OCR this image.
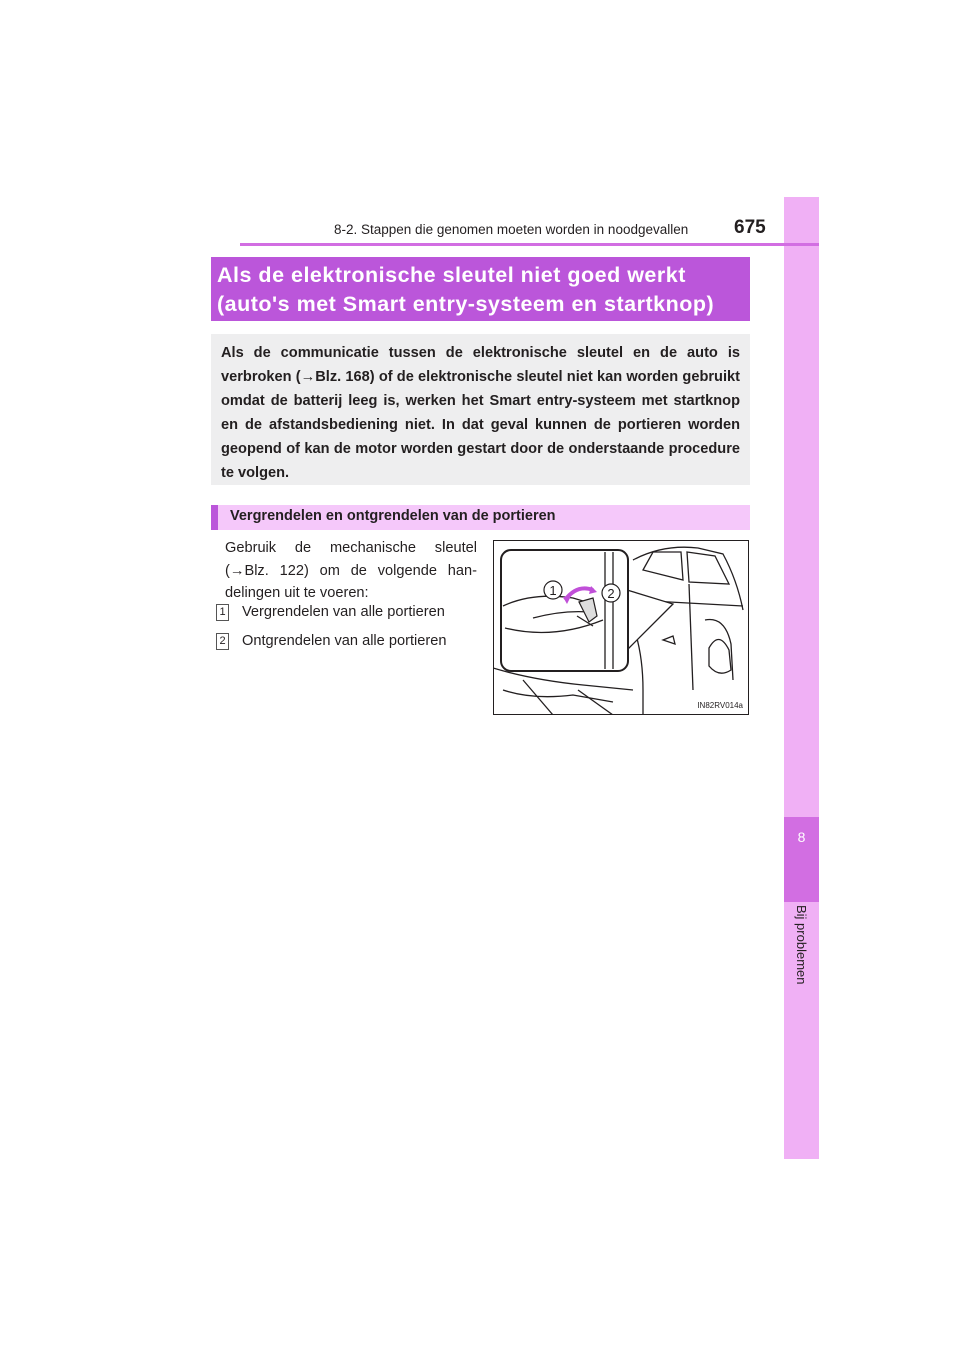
8
Bij problemen
8-2. Stappen die genomen moeten worden in noodgevallen 675
Als de elektronische sleutel niet goed werkt
(auto's met Smart entry-systeem en startknop)
Als de communicatie tussen de elektronische sleutel en de auto is verbroken (→Blz. 168) of de elektronische sleutel niet kan worden gebruikt omdat de batterij leeg is, werken het Smart entry-systeem met startknop en de afstandsbediening niet. In dat geval kunnen de portieren worden geopend of kan de motor worden gestart door de onderstaande procedure te volgen.
Vergrendelen en ontgrendelen van de portieren
Gebruik de mechanische sleutel (→Blz. 122) om de volgende han-delingen uit te voeren:
1 Vergrendelen van alle portieren
2 Ontgrendelen van alle portieren
1	2
IN82RV014a
